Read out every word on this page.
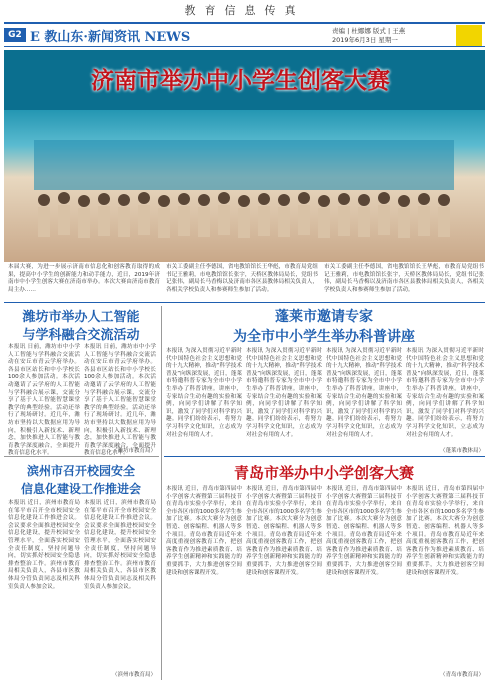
教育信息传真
G2 E 教山东·新闻资讯 NEWS	责编 | 杜娜娜 版式 | 王燕
2019年6月3日 星期一
济南市举办中小学生创客大赛
本届大赛，为进一步展示济南市信息化和创客教育取得的成果，提高中小学生的创新能力和动手能力，近日，2019年济南市中小学生创客大赛在济南市举办。本次大赛由济南市教育局主办……
市关工委副主任李德国，省电教馆馆长王华彪，市教育局党组书记王雅莉，市电教馆馆长张宇，天桥区教体局局长，党组书记张伟，副局长马香梅以及济南市各区县教体局相关负责人，各相关学校负责人和参赛师生参加了活动。
市关工委副主任李德国，省电教馆馆长王华彪，市教育局党组书记王雅莉，市电教馆馆长张宇，天桥区教体局局长，党组书记张伟，副局长马香梅以及济南市各区县教体局相关负责人，各相关学校负责人和参赛师生参加了活动。
潍坊市举办人工智能
与学科融合交流活动
本报讯 日前，潍坊市中小学人工智能与学科融合交流活动在安丘市青云学府举办。各县市区站长和中小学校长100余人参加活动。本次活动邀请了云学府的人工智能与学科融合展示课，交流分享了基于人工智能智慧课堂教学的典型经验。活动还举行了现场研讨。近几年，潍坊市坚持以大数据应用为导向，积极引入新技术、新理念，加快推进人工智能与教育教学深度融合，全面提升教育信息化水平。
本报讯 日前，潍坊市中小学人工智能与学科融合交流活动在安丘市青云学府举办。各县市区站长和中小学校长100余人参加活动。本次活动邀请了云学府的人工智能与学科融合展示课，交流分享了基于人工智能智慧课堂教学的典型经验。活动还举行了现场研讨。近几年，潍坊市坚持以大数据应用为导向，积极引入新技术、新理念，加快推进人工智能与教育教学深度融合，全面提升教育信息化水平。
（潍坊市教育局）
滨州市召开校园安全
信息化建设工作推进会
本报讯 近日，滨州市教育局在邹平市召开全市校园安全信息化建设工作推进会议。会议要求全面推进校园安全信息化建设，提升校园安全管理水平，全面落实校园安全责任制度，坚持问题导向，切实抓好校园安全隐患排查整治工作。滨州市教育局相关负责人，各县市区教体局分管负责同志及相关科室负责人参加会议。
本报讯 近日，滨州市教育局在邹平市召开全市校园安全信息化建设工作推进会议。会议要求全面推进校园安全信息化建设，提升校园安全管理水平，全面落实校园安全责任制度，坚持问题导向，切实抓好校园安全隐患排查整治工作。滨州市教育局相关负责人，各县市区教体局分管负责同志及相关科室负责人参加会议。
（滨州市教育局）
蓬莱市邀请专家
为全市中小学生举办科普讲座
本报讯 为深入贯彻习近平新时代中国特色社会主义思想和党的十九大精神，推动“科学技术普及”向纵深发展，近日，蓬莱市特邀科普专家为全市中小学生举办了科普讲座。讲座中，专家结合生动有趣的实验和案例，向同学们讲解了科学知识，激发了同学们对科学的兴趣。同学们纷纷表示，将努力学习科学文化知识，立志成为对社会有用的人才。
本报讯 为深入贯彻习近平新时代中国特色社会主义思想和党的十九大精神，推动“科学技术普及”向纵深发展，近日，蓬莱市特邀科普专家为全市中小学生举办了科普讲座。讲座中，专家结合生动有趣的实验和案例，向同学们讲解了科学知识，激发了同学们对科学的兴趣。同学们纷纷表示，将努力学习科学文化知识，立志成为对社会有用的人才。
本报讯 为深入贯彻习近平新时代中国特色社会主义思想和党的十九大精神，推动“科学技术普及”向纵深发展，近日，蓬莱市特邀科普专家为全市中小学生举办了科普讲座。讲座中，专家结合生动有趣的实验和案例，向同学们讲解了科学知识，激发了同学们对科学的兴趣。同学们纷纷表示，将努力学习科学文化知识，立志成为对社会有用的人才。
本报讯 为深入贯彻习近平新时代中国特色社会主义思想和党的十九大精神，推动“科学技术普及”向纵深发展，近日，蓬莱市特邀科普专家为全市中小学生举办了科普讲座。讲座中，专家结合生动有趣的实验和案例，向同学们讲解了科学知识，激发了同学们对科学的兴趣。同学们纷纷表示，将努力学习科学文化知识，立志成为对社会有用的人才。
（蓬莱市教体局）
青岛市举办中小学创客大赛
本报讯 近日，青岛市第四届中小学创客大赛暨第三届科技节在青岛市实验小学举行，来自全市各区市的1000多名学生参加了比赛。本次大赛分为创意智造、创客编程、机器人等多个项目。青岛市教育局近年来高度重视创客教育工作，把创客教育作为推进素质教育、培养学生创新精神和实践能力的重要抓手，大力推进创客空间建设和创客课程开发。
本报讯 近日，青岛市第四届中小学创客大赛暨第三届科技节在青岛市实验小学举行，来自全市各区市的1000多名学生参加了比赛。本次大赛分为创意智造、创客编程、机器人等多个项目。青岛市教育局近年来高度重视创客教育工作，把创客教育作为推进素质教育、培养学生创新精神和实践能力的重要抓手，大力推进创客空间建设和创客课程开发。
本报讯 近日，青岛市第四届中小学创客大赛暨第三届科技节在青岛市实验小学举行，来自全市各区市的1000多名学生参加了比赛。本次大赛分为创意智造、创客编程、机器人等多个项目。青岛市教育局近年来高度重视创客教育工作，把创客教育作为推进素质教育、培养学生创新精神和实践能力的重要抓手，大力推进创客空间建设和创客课程开发。
本报讯 近日，青岛市第四届中小学创客大赛暨第三届科技节在青岛市实验小学举行，来自全市各区市的1000多名学生参加了比赛。本次大赛分为创意智造、创客编程、机器人等多个项目。青岛市教育局近年来高度重视创客教育工作，把创客教育作为推进素质教育、培养学生创新精神和实践能力的重要抓手，大力推进创客空间建设和创客课程开发。
（青岛市教育局）
